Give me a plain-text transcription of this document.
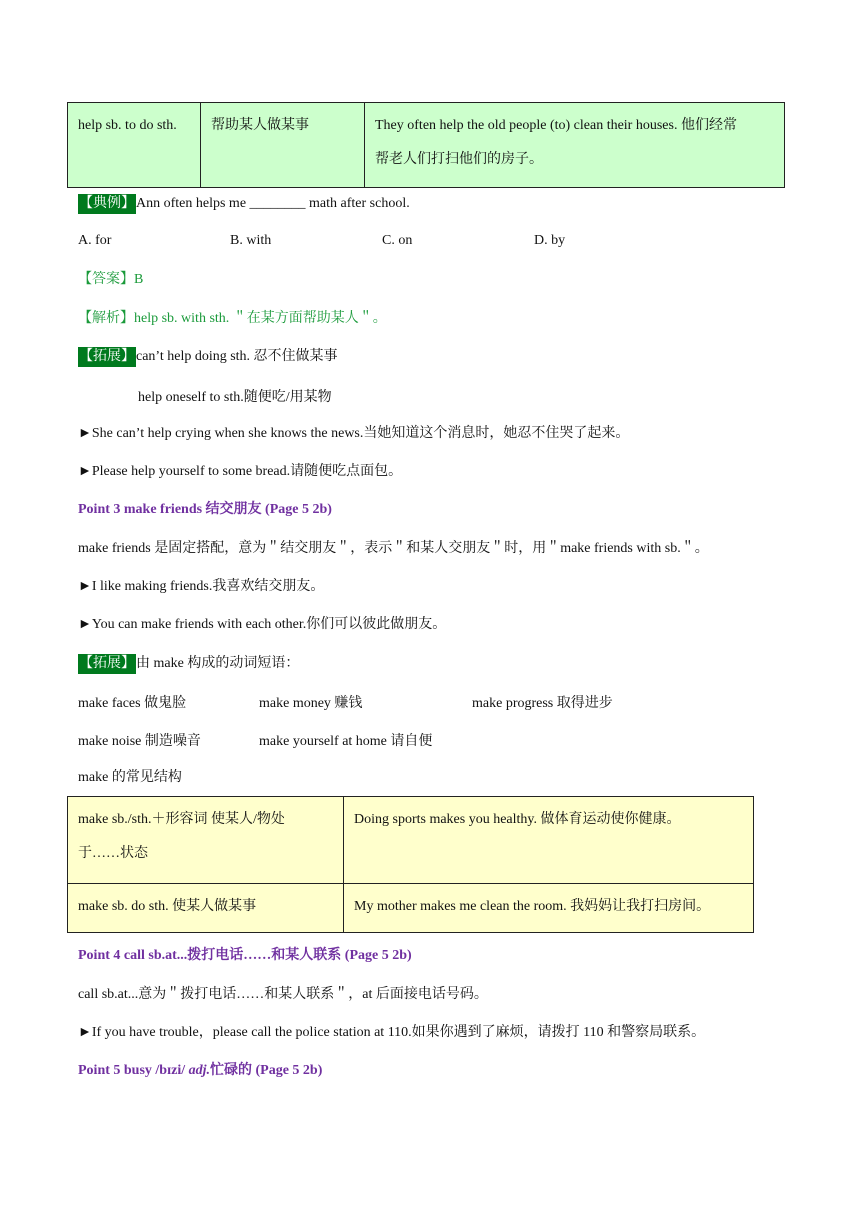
help sb. to do sth.	帮助某人做某事	They often help the old people (to) clean their houses. 他们经常
帮老人们打扫他们的房子。
【典例】Ann often helps me ________ math after school.
A. for	B. with	C. on	D. by
【答案】B
【解析】help sb. with sth. ＂在某方面帮助某人＂。
【拓展】can’t help doing sth. 忍不住做某事
help oneself to sth.随便吃/用某物
►She can’t help crying when she knows the news.当她知道这个消息时，她忍不住哭了起来。
►Please help yourself to some bread.请随便吃点面包。
Point 3 make friends 结交朋友 (Page 5 2b)
make friends 是固定搭配，意为＂结交朋友＂，表示＂和某人交朋友＂时，用＂make friends with sb.＂。
►I like making friends.我喜欢结交朋友。
►You can make friends with each other.你们可以彼此做朋友。
【拓展】由 make 构成的动词短语：
make faces 做鬼脸	make money 赚钱	make progress 取得进步
make noise 制造噪音	make yourself at home 请自便
make 的常见结构
make sb./sth.＋形容词 使某人/物处
于……状态	Doing sports makes you healthy. 做体育运动使你健康。
make sb. do sth. 使某人做某事	My mother makes me clean the room. 我妈妈让我打扫房间。
Point 4 call sb.at...拨打电话……和某人联系 (Page 5 2b)
call sb.at...意为＂拨打电话……和某人联系＂，at 后面接电话号码。
►If you have trouble，please call the police station at 110.如果你遇到了麻烦，请拨打 110 和警察局联系。
Point 5 busy /bɪzi/ adj.忙碌的 (Page 5 2b)
